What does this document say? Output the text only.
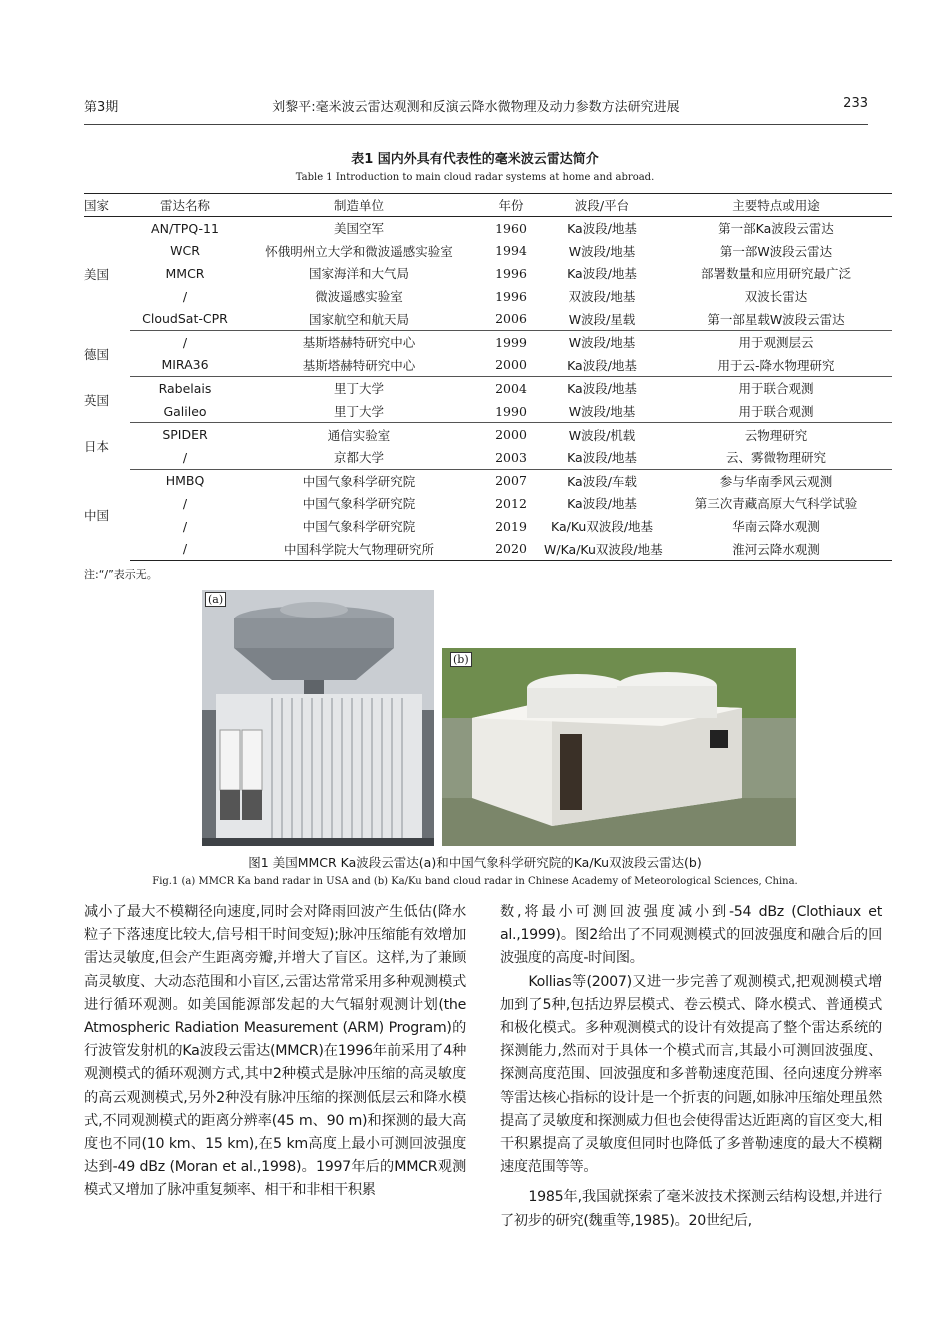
第3期	刘黎平:毫米波云雷达观测和反演云降水微物理及动力参数方法研究进展	233
表1 国内外具有代表性的毫米波云雷达简介
Table 1 Introduction to main cloud radar systems at home and abroad.
国家	雷达名称	制造单位	年份	波段/平台	主要特点或用途
美国	AN/TPQ-11	美国空军	1960	Ka波段/地基	第一部Ka波段云雷达
	WCR	怀俄明州立大学和微波遥感实验室	1994	W波段/地基	第一部W波段云雷达
	MMCR	国家海洋和大气局	1996	Ka波段/地基	部署数量和应用研究最广泛
	/	微波遥感实验室	1996	双波段/地基	双波长雷达
	CloudSat-CPR	国家航空和航天局	2006	W波段/星载	第一部星载W波段云雷达
德国	/	基斯塔赫特研究中心	1999	W波段/地基	用于观测层云
	MIRA36	基斯塔赫特研究中心	2000	Ka波段/地基	用于云-降水物理研究
英国	Rabelais	里丁大学	2004	Ka波段/地基	用于联合观测
	Galileo	里丁大学	1990	W波段/地基	用于联合观测
日本	SPIDER	通信实验室	2000	W波段/机载	云物理研究
	/	京都大学	2003	Ka波段/地基	云、雾微物理研究
中国	HMBQ	中国气象科学研究院	2007	Ka波段/车载	参与华南季风云观测
	/	中国气象科学研究院	2012	Ka波段/地基	第三次青藏高原大气科学试验
	/	中国气象科学研究院	2019	Ka/Ku双波段/地基	华南云降水观测
	/	中国科学院大气物理研究所	2020	W/Ka/Ku双波段/地基	淮河云降水观测
注:“/”表示无。
(a)
(b)
图1 美国MMCR Ka波段云雷达(a)和中国气象科学研究院的Ka/Ku双波段云雷达(b)
Fig.1 (a) MMCR Ka band radar in USA and (b) Ka/Ku band cloud radar in Chinese Academy of Meteorological Sciences, China.

减小了最大不模糊径向速度,同时会对降雨回波产生低估(降水粒子下落速度比较大,信号相干时间变短);脉冲压缩能有效增加雷达灵敏度,但会产生距离旁瓣,并增大了盲区。这样,为了兼顾高灵敏度、大动态范围和小盲区,云雷达常常采用多种观测模式进行循环观测。如美国能源部发起的大气辐射观测计划(the Atmospheric Radiation Measurement (ARM) Program)的行波管发射机的Ka波段云雷达(MMCR)在1996年前采用了4种观测模式的循环观测方式,其中2种模式是脉冲压缩的高灵敏度的高云观测模式,另外2种没有脉冲压缩的探测低层云和降水模式,不同观测模式的距离分辨率(45 m、90 m)和探测的最大高度也不同(10 km、15 km),在5 km高度上最小可测回波强度达到-49 dBz (Moran et al.,1998)。1997年后的MMCR观测模式又增加了脉冲重复频率、相干和非相干积累

数,将最小可测回波强度减小到-54 dBz (Clothiaux et al.,1999)。图2给出了不同观测模式的回波强度和融合后的回波强度的高度-时间图。

Kollias等(2007)又进一步完善了观测模式,把观测模式增加到了5种,包括边界层模式、卷云模式、降水模式、普通模式和极化模式。多种观测模式的设计有效提高了整个雷达系统的探测能力,然而对于具体一个模式而言,其最小可测回波强度、探测高度范围、回波强度和多普勒速度范围、径向速度分辨率等雷达核心指标的设计是一个折衷的问题,如脉冲压缩处理虽然提高了灵敏度和探测威力但也会使得雷达近距离的盲区变大,相干积累提高了灵敏度但同时也降低了多普勒速度的最大不模糊速度范围等等。

1985年,我国就探索了毫米波技术探测云结构设想,并进行了初步的研究(魏重等,1985)。20世纪后,
